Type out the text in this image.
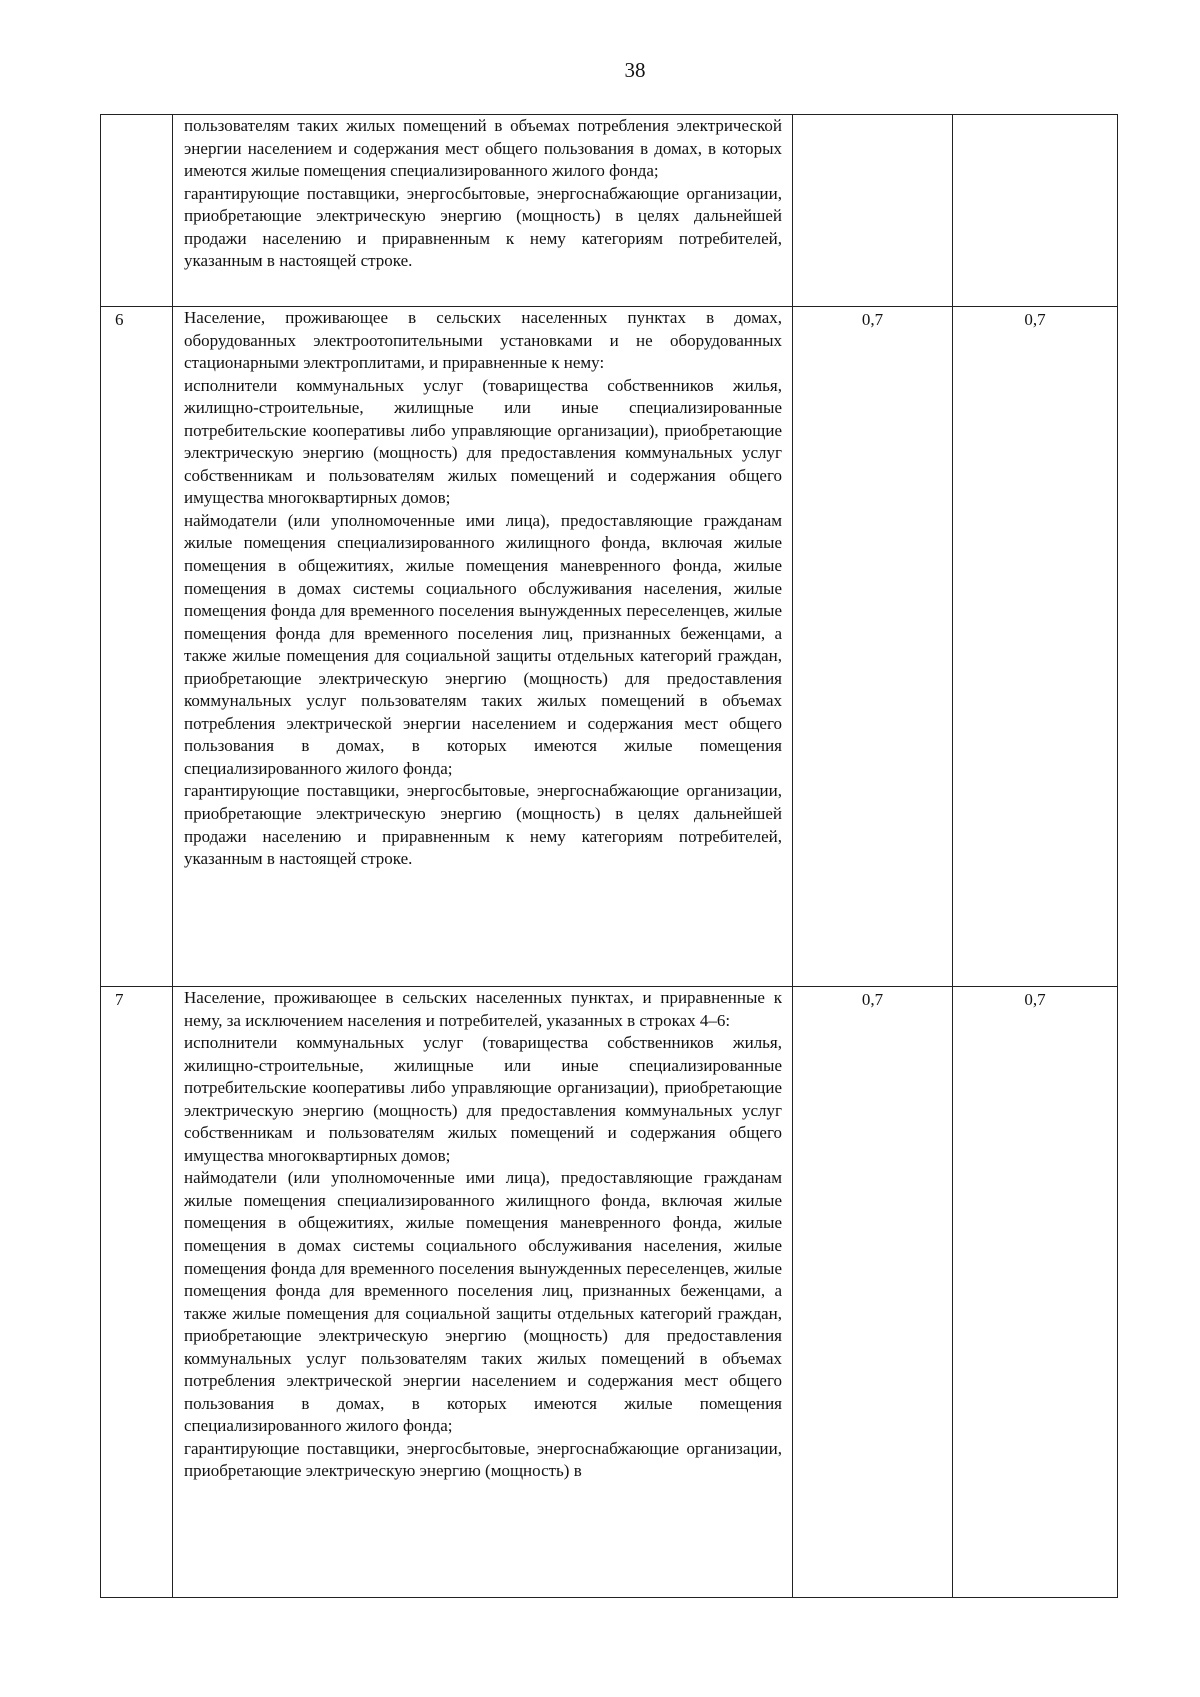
38

	пользователям таких жилых помещений в объемах потребления электрической энергии населением и содержания мест общего пользования в домах, в которых имеются жилые помещения специализированного жилого фонда;

гарантирующие поставщики, энергосбытовые, энергоснабжающие организации, приобретающие электрическую энергию (мощность) в целях дальнейшей продажи населению и приравненным к нему категориям потребителей, указанным в настоящей строке.		

6	Население, проживающее в сельских населенных пунктах в домах, оборудованных электроотопительными установками и не оборудованных стационарными электроплитами, и приравненные к нему:

исполнители коммунальных услуг (товарищества собственников жилья, жилищно-строительные, жилищные или иные специализированные потребительские кооперативы либо управляющие организации), приобретающие электрическую энергию (мощность) для предоставления коммунальных услуг собственникам и пользователям жилых помещений и содержания общего имущества многоквартирных домов;

наймодатели (или уполномоченные ими лица), предоставляющие гражданам жилые помещения специализированного жилищного фонда, включая жилые помещения в общежитиях, жилые помещения маневренного фонда, жилые помещения в домах системы социального обслуживания населения, жилые помещения фонда для временного поселения вынужденных переселенцев, жилые помещения фонда для временного поселения лиц, признанных беженцами, а также жилые помещения для социальной защиты отдельных категорий граждан, приобретающие электрическую энергию (мощность) для предоставления коммунальных услуг пользователям таких жилых помещений в объемах потребления электрической энергии населением и содержания мест общего пользования в домах, в которых имеются жилые помещения специализированного жилого фонда;

гарантирующие поставщики, энергосбытовые, энергоснабжающие организации, приобретающие электрическую энергию (мощность) в целях дальнейшей продажи населению и приравненным к нему категориям потребителей, указанным в настоящей строке.	0,7	0,7
7	Население, проживающее в сельских населенных пунктах, и приравненные к нему, за исключением населения и потребителей, указанных в строках 4–6:

исполнители коммунальных услуг (товарищества собственников жилья, жилищно-строительные, жилищные или иные специализированные потребительские кооперативы либо управляющие организации), приобретающие электрическую энергию (мощность) для предоставления коммунальных услуг собственникам и пользователям жилых помещений и содержания общего имущества многоквартирных домов;

наймодатели (или уполномоченные ими лица), предоставляющие гражданам жилые помещения специализированного жилищного фонда, включая жилые помещения в общежитиях, жилые помещения маневренного фонда, жилые помещения в домах системы социального обслуживания населения, жилые помещения фонда для временного поселения вынужденных переселенцев, жилые помещения фонда для временного поселения лиц, признанных беженцами, а также жилые помещения для социальной защиты отдельных категорий граждан, приобретающие электрическую энергию (мощность) для предоставления коммунальных услуг пользователям таких жилых помещений в объемах потребления электрической энергии населением и содержания мест общего пользования в домах, в которых имеются жилые помещения специализированного жилого фонда;

гарантирующие поставщики, энергосбытовые, энергоснабжающие организации, приобретающие электрическую энергию (мощность) в	0,7	0,7
